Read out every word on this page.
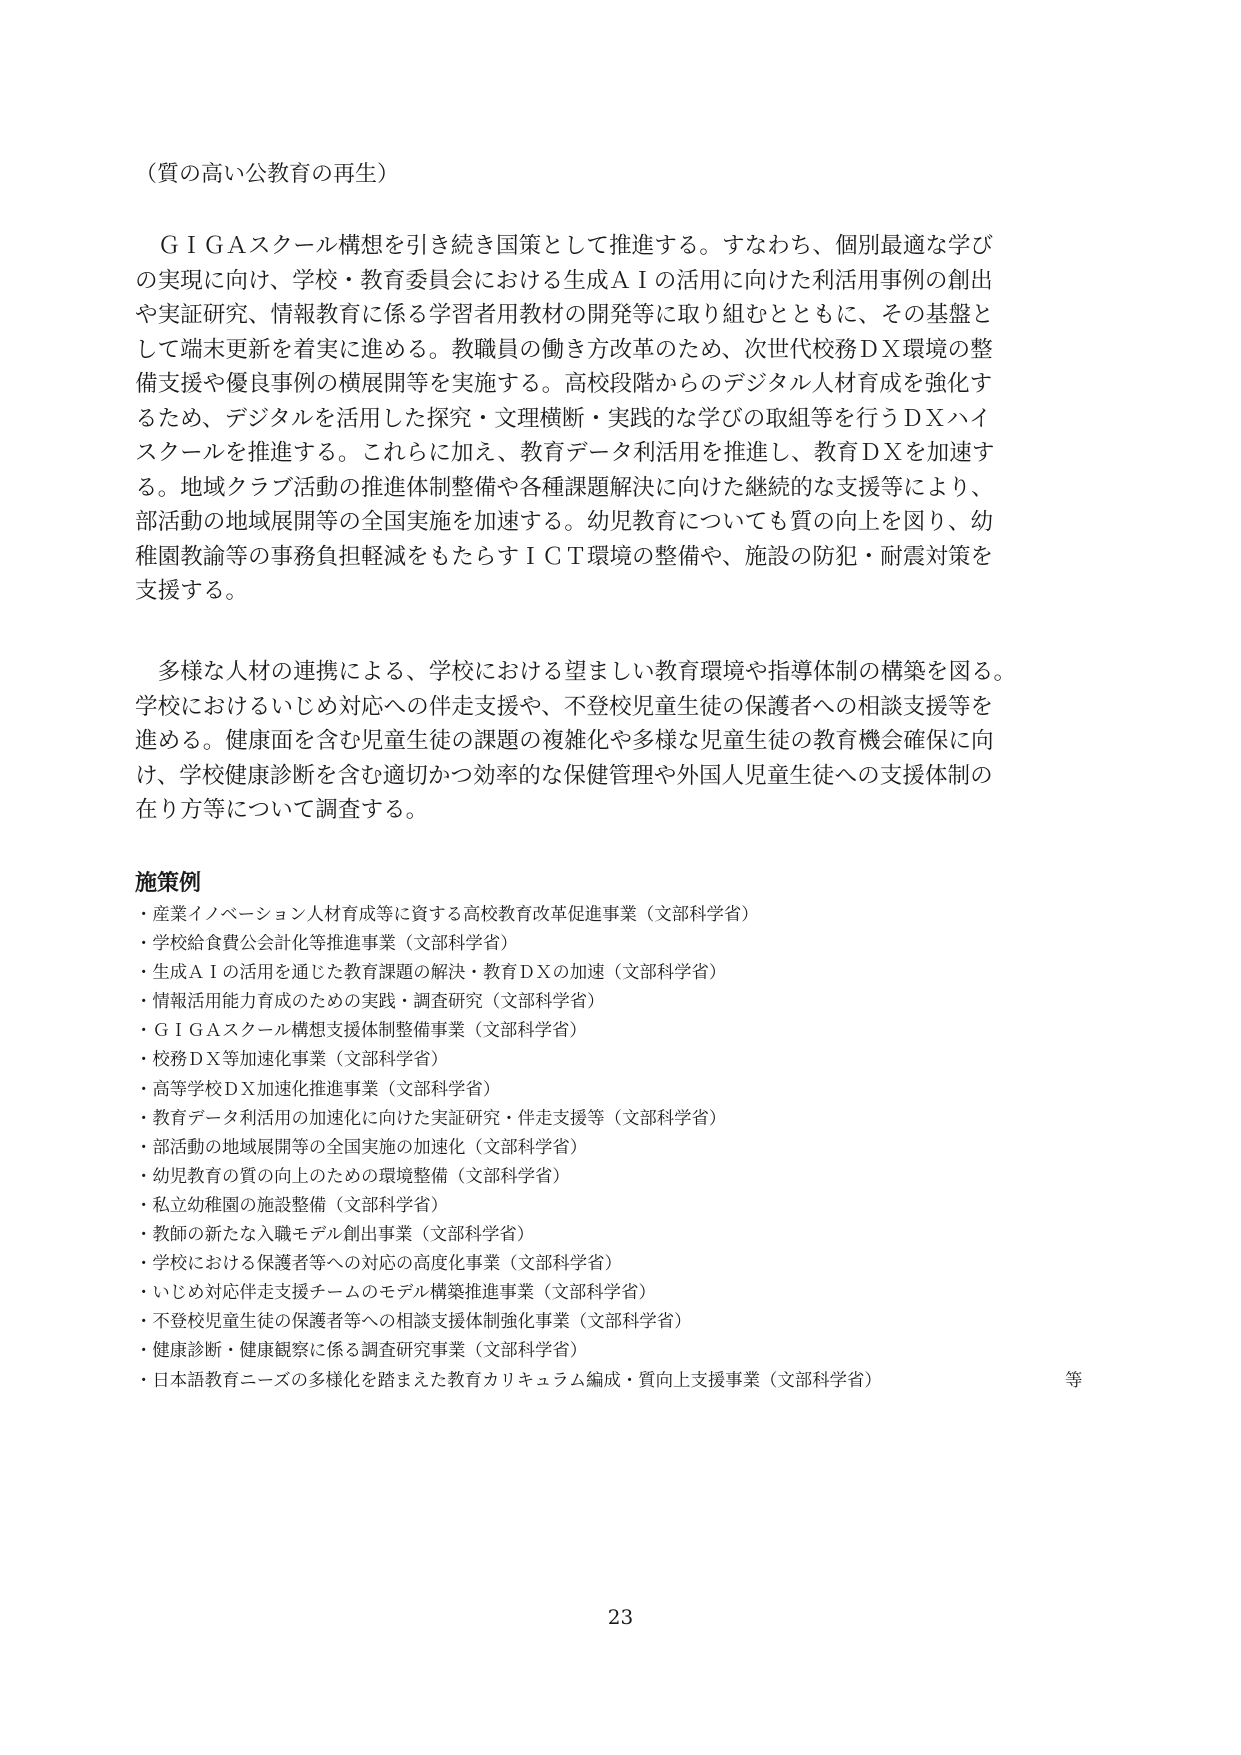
（質の高い公教育の再生）
　ＧＩＧＡスクール構想を引き続き国策として推進する。すなわち、個別最適な学び
の実現に向け、学校・教育委員会における生成ＡＩの活用に向けた利活用事例の創出
や実証研究、情報教育に係る学習者用教材の開発等に取り組むとともに、その基盤と
して端末更新を着実に進める。教職員の働き方改革のため、次世代校務ＤＸ環境の整
備支援や優良事例の横展開等を実施する。高校段階からのデジタル人材育成を強化す
るため、デジタルを活用した探究・文理横断・実践的な学びの取組等を行うＤＸハイ
スクールを推進する。これらに加え、教育データ利活用を推進し、教育ＤＸを加速す
る。地域クラブ活動の推進体制整備や各種課題解決に向けた継続的な支援等により、
部活動の地域展開等の全国実施を加速する。幼児教育についても質の向上を図り、幼
稚園教諭等の事務負担軽減をもたらすＩＣＴ環境の整備や、施設の防犯・耐震対策を
支援する。
　多様な人材の連携による、学校における望ましい教育環境や指導体制の構築を図る。
学校におけるいじめ対応への伴走支援や、不登校児童生徒の保護者への相談支援等を
進める。健康面を含む児童生徒の課題の複雑化や多様な児童生徒の教育機会確保に向
け、学校健康診断を含む適切かつ効率的な保健管理や外国人児童生徒への支援体制の
在り方等について調査する。
施策例
・産業イノベーション人材育成等に資する高校教育改革促進事業（文部科学省）
・学校給食費公会計化等推進事業（文部科学省）
・生成ＡＩの活用を通じた教育課題の解決・教育ＤＸの加速（文部科学省）
・情報活用能力育成のための実践・調査研究（文部科学省）
・ＧＩＧＡスクール構想支援体制整備事業（文部科学省）
・校務ＤＸ等加速化事業（文部科学省）
・高等学校ＤＸ加速化推進事業（文部科学省）
・教育データ利活用の加速化に向けた実証研究・伴走支援等（文部科学省）
・部活動の地域展開等の全国実施の加速化（文部科学省）
・幼児教育の質の向上のための環境整備（文部科学省）
・私立幼稚園の施設整備（文部科学省）
・教師の新たな入職モデル創出事業（文部科学省）
・学校における保護者等への対応の高度化事業（文部科学省）
・いじめ対応伴走支援チームのモデル構築推進事業（文部科学省）
・不登校児童生徒の保護者等への相談支援体制強化事業（文部科学省）
・健康診断・健康観察に係る調査研究事業（文部科学省）
・日本語教育ニーズの多様化を踏まえた教育カリキュラム編成・質向上支援事業（文部科学省）	等
23
